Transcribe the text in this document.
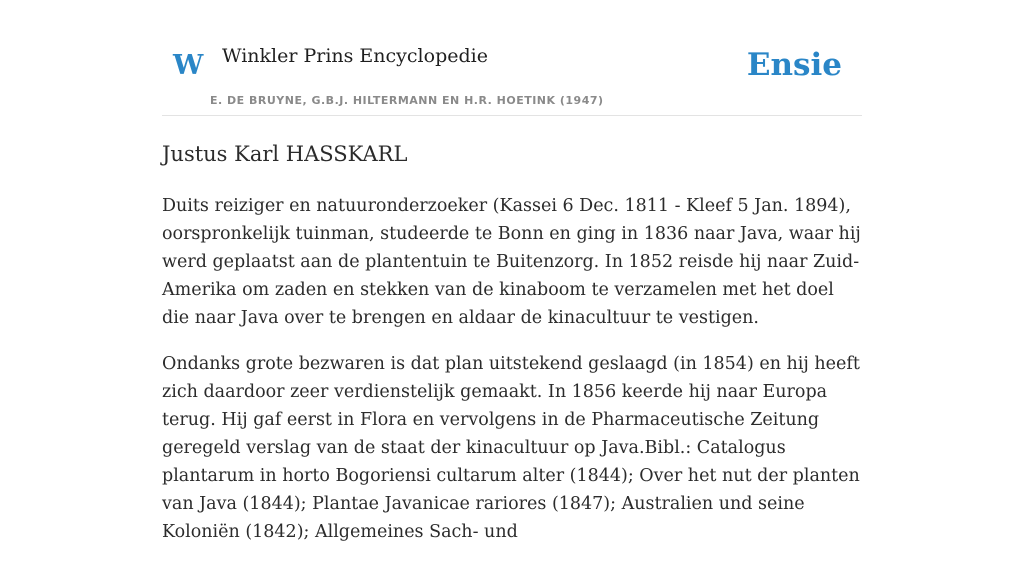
W Winkler Prins Encyclopedie
E. DE BRUYNE, G.B.J. HILTERMANN EN H.R. HOETINK (1947)
Ensie
Justus Karl HASSKARL

Duits reiziger en natuuronderzoeker (Kassei 6 Dec. 1811 - Kleef 5 Jan. 1894), oorspronkelijk tuinman, studeerde te Bonn en ging in 1836 naar Java, waar hij werd geplaatst aan de plantentuin te Buitenzorg. In 1852 reisde hij naar Zuid-Amerika om zaden en stekken van de kinaboom te verzamelen met het doel die naar Java over te brengen en aldaar de kinacultuur te vestigen.

Ondanks grote bezwaren is dat plan uitstekend geslaagd (in 1854) en hij heeft zich daardoor zeer verdienstelijk gemaakt. In 1856 keerde hij naar Europa terug. Hij gaf eerst in Flora en vervolgens in de Pharmaceutische Zeitung geregeld verslag van de staat der kinacultuur op Java.Bibl.: Catalogus plantarum in horto Bogoriensi cultarum alter (1844); Over het nut der planten van Java (1844); Plantae Javanicae rariores (1847); Australien und seine Koloniën (1842); Allgemeines Sach- und
